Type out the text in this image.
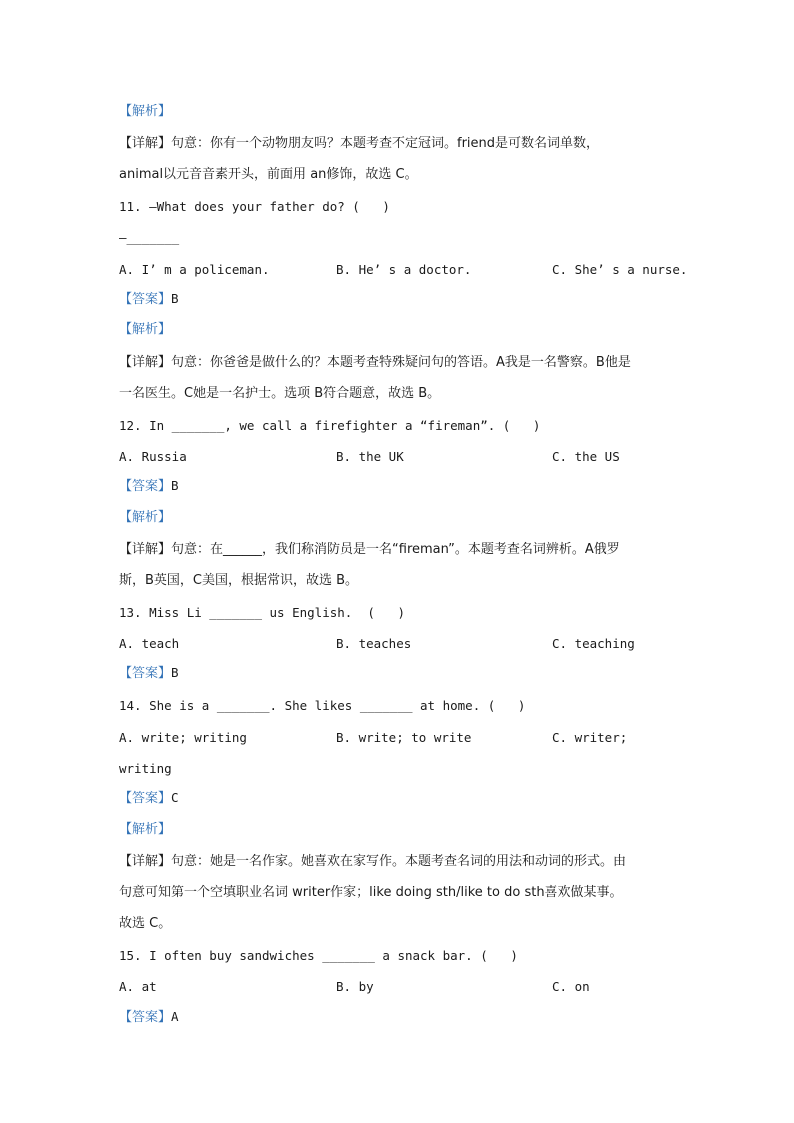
【解析】
【详解】句意：你有一个动物朋友吗？本题考查不定冠词。friend是可数名词单数，
animal以元音音素开头，前面用 an修饰，故选 C。
11. —What does your father do? (   )
—_______
A. I’ m a policeman.	B. He’ s a doctor.	C. She’ s a nurse.
【答案】B
【解析】
【详解】句意：你爸爸是做什么的？本题考查特殊疑问句的答语。A我是一名警察。B他是
一名医生。C她是一名护士。选项 B符合题意，故选 B。
12. In _______, we call a firefighter a “fireman”. (   )
A. Russia	B. the UK	C. the US
【答案】B
【解析】
【详解】句意：在______，我们称消防员是一名“fireman”。本题考查名词辨析。A俄罗
斯，B英国，C美国，根据常识，故选 B。
13. Miss Li _______ us English.  (   )
A. teach	B. teaches	C. teaching
【答案】B
14. She is a _______. She likes _______ at home. (   )
A. write; writing	B. write; to write	C. writer;
writing
【答案】C
【解析】
【详解】句意：她是一名作家。她喜欢在家写作。本题考查名词的用法和动词的形式。由
句意可知第一个空填职业名词 writer作家；like doing sth/like to do sth喜欢做某事。
故选 C。
15. I often buy sandwiches _______ a snack bar. (   )
A. at	B. by	C. on
【答案】A
